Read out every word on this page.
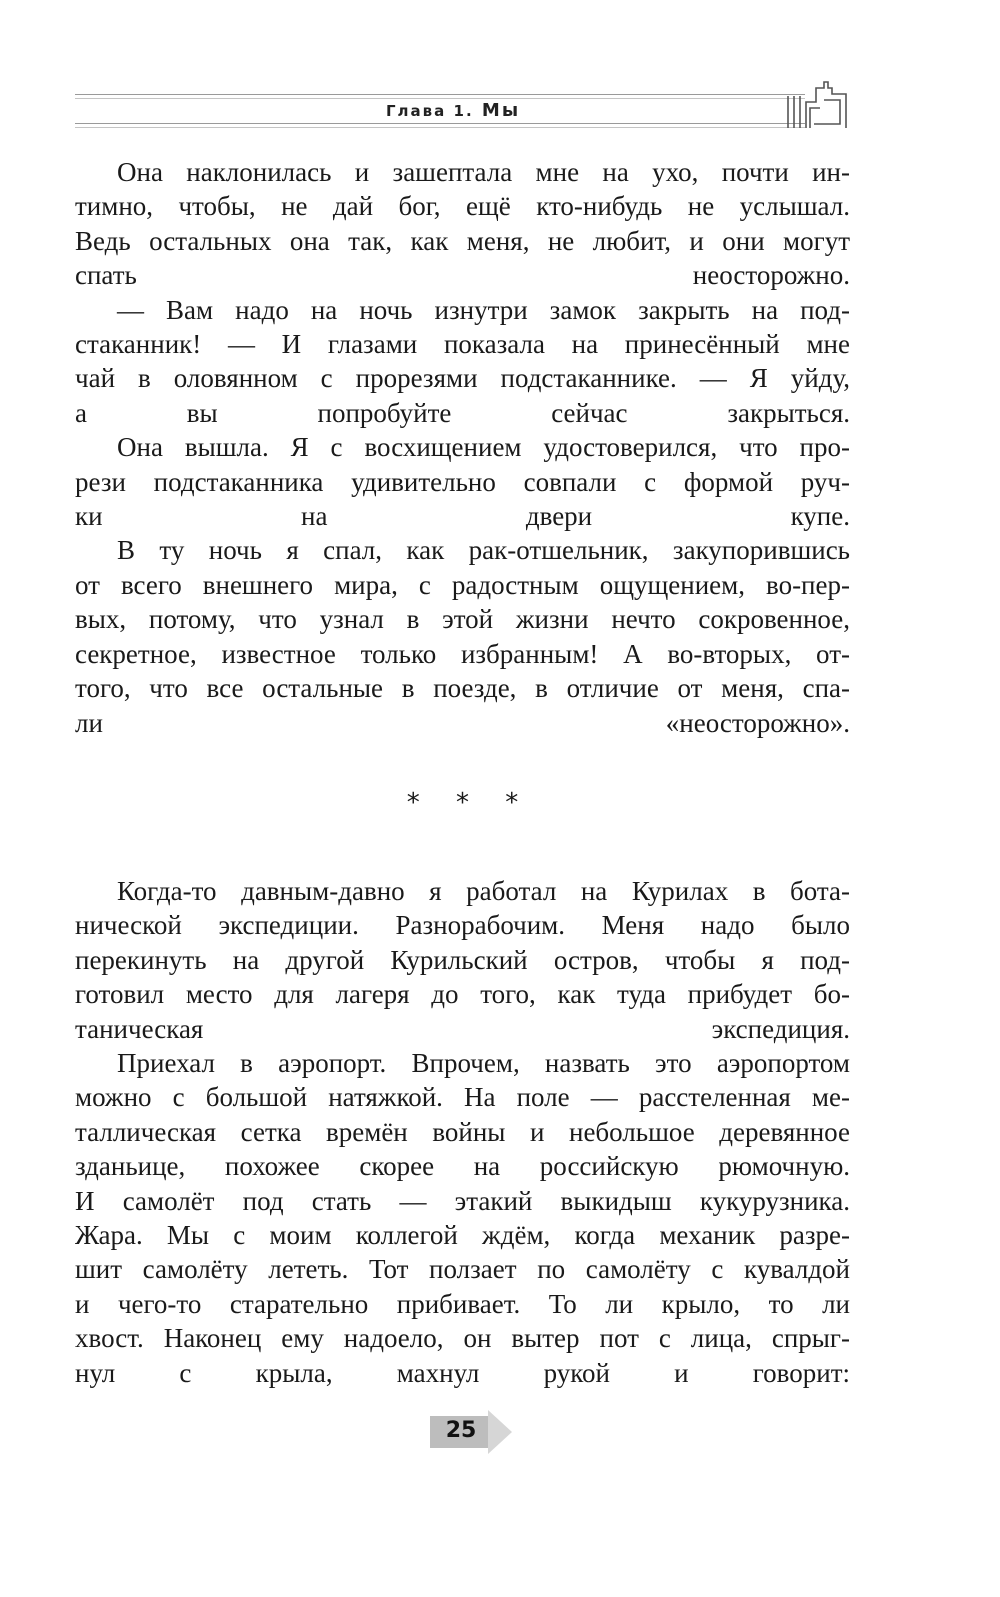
Глава 1. Мы

Она наклонилась и зашептала мне на ухо, почти ин-
тимно, чтобы, не дай бог, ещё кто-нибудь не услышал.
Ведь остальных она так, как меня, не любит, и они могут
спать неосторожно.

— Вам надо на ночь изнутри замок закрыть на под-
стаканник! — И глазами показала на принесённый мне
чай в оловянном с прорезями подстаканнике. — Я уйду,
а вы попробуйте сейчас закрыться.

Она вышла. Я с восхищением удостоверился, что про-
рези подстаканника удивительно совпали с формой руч-
ки на двери купе.

В ту ночь я спал, как рак-отшельник, закупорившись
от всего внешнего мира, с радостным ощущением, во-пер-
вых, потому, что узнал в этой жизни нечто сокровенное,
секретное, известное только избранным! А во-вторых, от-
того, что все остальные в поезде, в отличие от меня, спа-
ли «неосторожно».

* * *

Когда-то давным-давно я работал на Курилах в бота-
нической экспедиции. Разнорабочим. Меня надо было
перекинуть на другой Курильский остров, чтобы я под-
готовил место для лагеря до того, как туда прибудет бо-
таническая экспедиция.

Приехал в аэропорт. Впрочем, назвать это аэропортом
можно с большой натяжкой. На поле — расстеленная ме-
таллическая сетка времён войны и небольшое деревянное
зданьице, похожее скорее на российскую рюмочную.
И самолёт под стать — этакий выкидыш кукурузника.
Жара. Мы с моим коллегой ждём, когда механик разре-
шит самолёту лететь. Тот ползает по самолёту с кувалдой
и чего-то старательно прибивает. То ли крыло, то ли
хвост. Наконец ему надоело, он вытер пот с лица, спрыг-
нул с крыла, махнул рукой и говорит:

25
